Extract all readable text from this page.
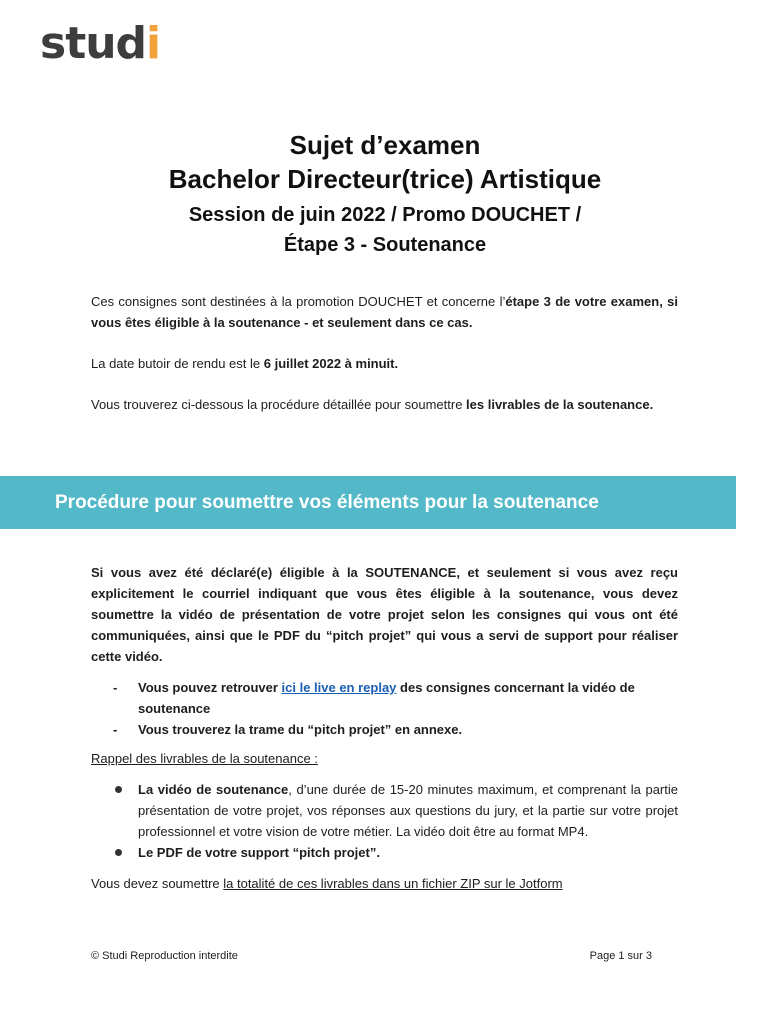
studi
Sujet d’examen
Bachelor Directeur(trice) Artistique
Session de juin 2022 / Promo DOUCHET /
Étape 3 - Soutenance

Ces consignes sont destinées à la promotion DOUCHET et concerne l’étape 3 de votre examen, si vous êtes éligible à la soutenance - et seulement dans ce cas.

La date butoir de rendu est le 6 juillet 2022 à minuit.

Vous trouverez ci-dessous la procédure détaillée pour soumettre les livrables de la soutenance.

Procédure pour soumettre vos éléments pour la soutenance

Si vous avez été déclaré(e) éligible à la SOUTENANCE, et seulement si vous avez reçu explicitement le courriel indiquant que vous êtes éligible à la soutenance, vous devez soumettre la vidéo de présentation de votre projet selon les consignes qui vous ont été communiquées, ainsi que le PDF du “pitch projet” qui vous a servi de support pour réaliser cette vidéo.

- Vous pouvez retrouver ici le live en replay des consignes concernant la vidéo de soutenance
- Vous trouverez la trame du “pitch projet” en annexe.
Rappel des livrables de la soutenance :
La vidéo de soutenance, d’une durée de 15-20 minutes maximum, et comprenant la partie présentation de votre projet, vos réponses aux questions du jury, et la partie sur votre projet professionnel et votre vision de votre métier. La vidéo doit être au format MP4.
Le PDF de votre support “pitch projet”.
Vous devez soumettre la totalité de ces livrables dans un fichier ZIP sur le Jotform
© Studi Reproduction interdite	Page 1 sur 3
